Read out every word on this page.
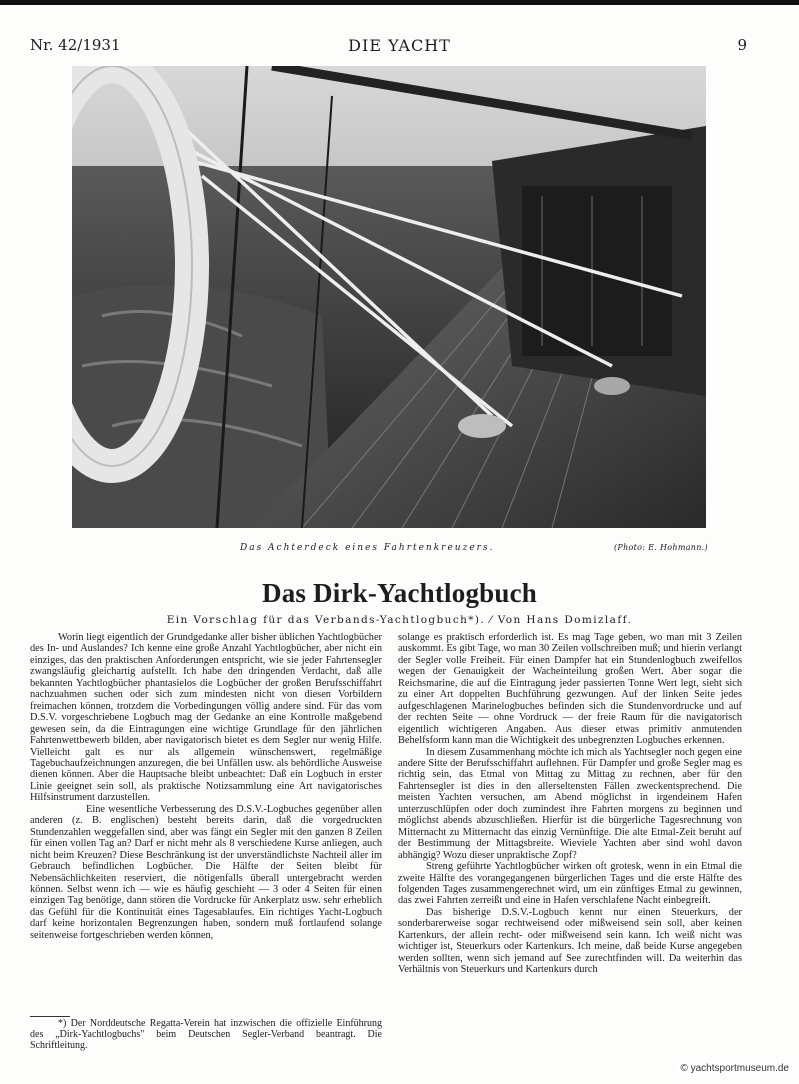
Nr. 42/1931	DIE YACHT	9
Das Achterdeck eines Fahrtenkreuzers.	(Photo: E. Hohmann.)
Das Dirk-Yachtlogbuch
Ein Vorschlag für das Verbands-Yachtlogbuch*). ⁄ Von Hans Domizlaff.

Worin liegt eigentlich der Grundgedanke aller bisher üblichen Yachtlogbücher des In- und Auslandes? Ich kenne eine große Anzahl Yachtlogbücher, aber nicht ein einziges, das den praktischen Anforderungen entspricht, wie sie jeder Fahrtensegler zwangsläufig gleichartig aufstellt. Ich habe den dringenden Verdacht, daß alle bekannten Yachtlogbücher phantasielos die Logbücher der großen Berufsschiffahrt nachzuahmen suchen oder sich zum mindesten nicht von diesen Vorbildern freimachen können, trotzdem die Vorbedingungen völlig andere sind. Für das vom D.S.V. vorgeschriebene Logbuch mag der Gedanke an eine Kontrolle maßgebend gewesen sein, da die Eintragungen eine wichtige Grundlage für den jährlichen Fahrtenwettbewerb bilden, aber navigatorisch bietet es dem Segler nur wenig Hilfe. Vielleicht galt es nur als allgemein wünschenswert, regelmäßige Tagebuchaufzeichnungen anzuregen, die bei Unfällen usw. als behördliche Ausweise dienen können. Aber die Hauptsache bleibt unbeachtet: Daß ein Logbuch in erster Linie geeignet sein soll, als praktische Notizsammlung eine Art navigatorisches Hilfsinstrument darzustellen.

Eine wesentliche Verbesserung des D.S.V.-Logbuches gegenüber allen anderen (z. B. englischen) besteht bereits darin, daß die vorgedruckten Stundenzahlen weggefallen sind, aber was fängt ein Segler mit den ganzen 8 Zeilen für einen vollen Tag an? Darf er nicht mehr als 8 verschiedene Kurse anliegen, auch nicht beim Kreuzen? Diese Beschränkung ist der unverständlichste Nachteil aller im Gebrauch befindlichen Logbücher. Die Hälfte der Seiten bleibt für Nebensächlichkeiten reserviert, die nötigenfalls überall untergebracht werden können. Selbst wenn ich — wie es häufig geschieht — 3 oder 4 Seiten für einen einzigen Tag benötige, dann stören die Vordrucke für Ankerplatz usw. sehr erheblich das Gefühl für die Kontinuität eines Tagesablaufes. Ein richtiges Yacht-Logbuch darf keine horizontalen Begrenzungen haben, sondern muß fortlaufend solange seitenweise fortgeschrieben werden können,

solange es praktisch erforderlich ist. Es mag Tage geben, wo man mit 3 Zeilen auskommt. Es gibt Tage, wo man 30 Zeilen vollschreiben muß; und hierin verlangt der Segler volle Freiheit. Für einen Dampfer hat ein Stundenlogbuch zweifellos wegen der Genauigkeit der Wacheinteilung großen Wert. Aber sogar die Reichsmarine, die auf die Eintragung jeder passierten Tonne Wert legt, sieht sich zu einer Art doppelten Buchführung gezwungen. Auf der linken Seite jedes aufgeschlagenen Marinelogbuches befinden sich die Stundenvordrucke und auf der rechten Seite — ohne Vordruck — der freie Raum für die navigatorisch eigentlich wichtigeren Angaben. Aus dieser etwas primitiv anmutenden Behelfsform kann man die Wichtigkeit des unbegrenzten Logbuches erkennen.

In diesem Zusammenhang möchte ich mich als Yachtsegler noch gegen eine andere Sitte der Berufsschiffahrt auflehnen. Für Dampfer und große Segler mag es richtig sein, das Etmal von Mittag zu Mittag zu rechnen, aber für den Fahrtensegler ist dies in den allerseltensten Fällen zweckentsprechend. Die meisten Yachten versuchen, am Abend möglichst in irgendeinem Hafen unterzuschlüpfen oder doch zumindest ihre Fahrten morgens zu beginnen und möglichst abends abzuschließen. Hierfür ist die bürgerliche Tagesrechnung von Mitternacht zu Mitternacht das einzig Vernünftige. Die alte Etmal-Zeit beruht auf der Bestimmung der Mittagsbreite. Wieviele Yachten aber sind wohl davon abhängig? Wozu dieser unpraktische Zopf?

Streng geführte Yachtlogbücher wirken oft grotesk, wenn in ein Etmal die zweite Hälfte des vorangegangenen bürgerlichen Tages und die erste Hälfte des folgenden Tages zusammengerechnet wird, um ein zünftiges Etmal zu gewinnen, das zwei Fahrten zerreißt und eine in Hafen verschlafene Nacht einbegreift.

Das bisherige D.S.V.-Logbuch kennt nur einen Steuerkurs, der sonderbarerweise sogar rechtweisend oder mißweisend sein soll, aber keinen Kartenkurs, der allein recht- oder mißweisend sein kann. Ich weiß nicht was wichtiger ist, Steuerkurs oder Kartenkurs. Ich meine, daß beide Kurse angegeben werden sollten, wenn sich jemand auf See zurechtfinden will. Da weiterhin das Verhältnis von Steuerkurs und Kartenkurs durch

*) Der Norddeutsche Regatta-Verein hat inzwischen die offizielle Einführung des „Dirk-Yachtlogbuchs" beim Deutschen Segler-Verband beantragt. Die Schriftleitung.
© yachtsportmuseum.de
